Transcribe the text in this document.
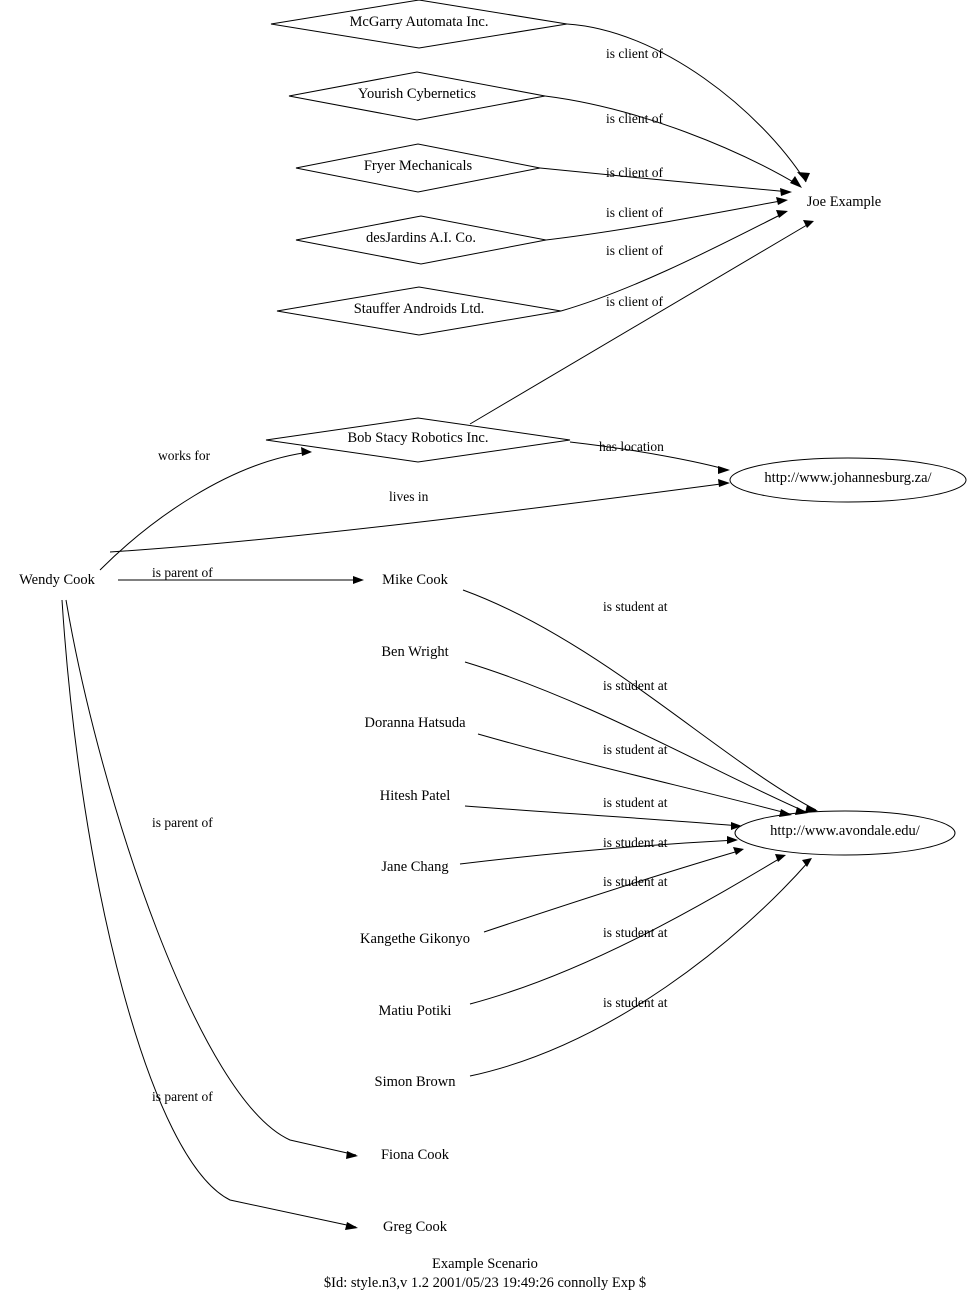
McGarry Automata Inc.
Yourish Cybernetics
Fryer Mechanicals
desJardins A.I. Co.
Stauffer Androids Ltd.
Bob Stacy Robotics Inc.
Joe Example
http://www.johannesburg.za/
http://www.avondale.edu/
Wendy Cook	Mike Cook
Ben Wright
Doranna Hatsuda
Hitesh Patel
Jane Chang
Kangethe Gikonyo
Matiu Potiki
Simon Brown
Fiona Cook
Greg Cook
is client of
is client of
is client of
is client of
is client of
is client of
works for
has location
lives in
is parent of
is parent of
is parent of
is student at
is student at
is student at
is student at
is student at
is student at
is student at
is student at
Example Scenario
$Id: style.n3,v 1.2 2001/05/23 19:49:26 connolly Exp $
